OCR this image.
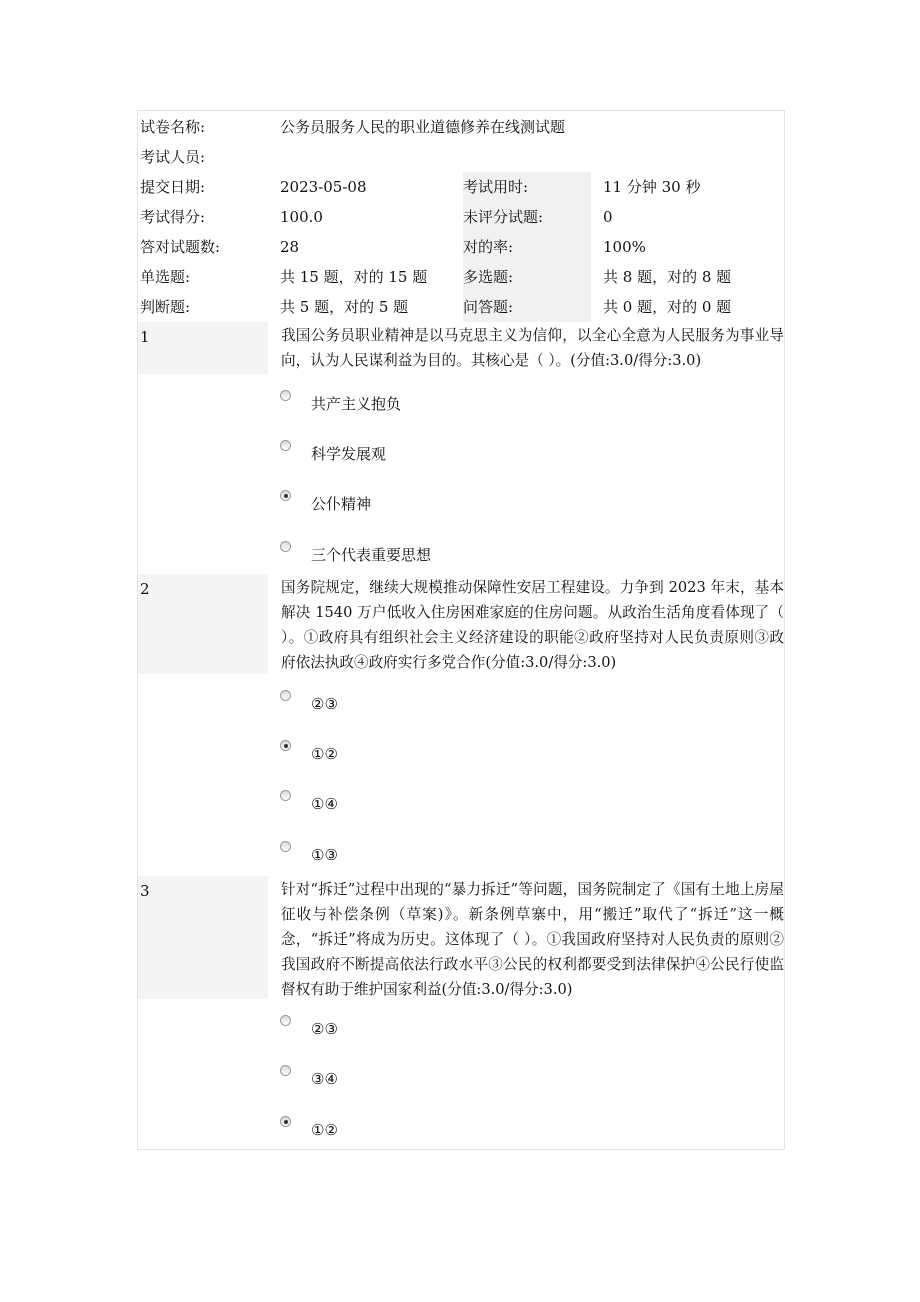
试卷名称:	公务员服务人民的职业道德修养在线测试题
考试人员:
提交日期:	2023-05-08	考试用时:	11 分钟 30 秒
考试得分:	100.0	未评分试题:	0
答对试题数:	28	对的率:	100%
单选题:	共 15 题，对的 15 题 多选题:	共 8 题，对的 8 题
判断题:	共 5 题，对的 5 题	问答题:	共 0 题，对的 0 题
1	我国公务员职业精神是以马克思主义为信仰，以全心全意为人民服务为事业导向，认为人民谋利益为目的。其核心是（ ）。(分值:3.0/得分:3.0)
共产主义抱负
科学发展观
公仆精神
三个代表重要思想
2	国务院规定，继续大规模推动保障性安居工程建设。力争到 2023 年末，基本解决 1540 万户低收入住房困难家庭的住房问题。从政治生活角度看体现了（ ）。①政府具有组织社会主义经济建设的职能②政府坚持对人民负责原则③政府依法执政④政府实行多党合作(分值:3.0/得分:3.0)
②③
①②
①④
①③
3	针对“拆迁”过程中出现的“暴力拆迁”等问题，国务院制定了《国有土地上房屋征收与补偿条例（草案)》。新条例草寨中，用“搬迁”取代了“拆迁”这一概念，“拆迁”将成为历史。这体现了（ ）。①我国政府坚持对人民负责的原则②我国政府不断提高依法行政水平③公民的权利都要受到法律保护④公民行使监督权有助于维护国家利益(分值:3.0/得分:3.0)
②③
③④
①②
